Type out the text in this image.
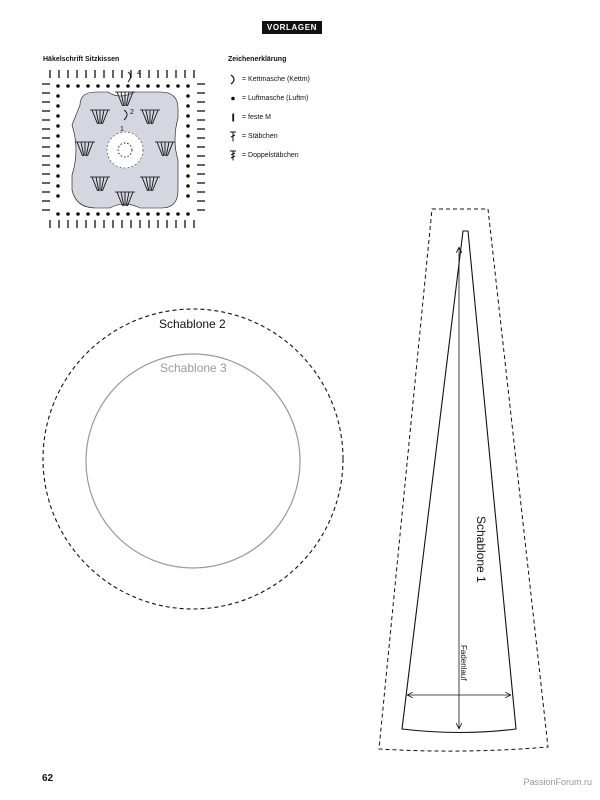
VORLAGEN
Häkelschrift Sitzkissen	Zeichenerklärung
4
2
1
= Kettmasche (Kettm)
= Luftmasche (Luftm)
= feste M
= Stäbchen
= Doppelstäbchen
Schablone 2
Schablone 3
Schablone 1
Fadenlauf
62	PassionForum.ru
